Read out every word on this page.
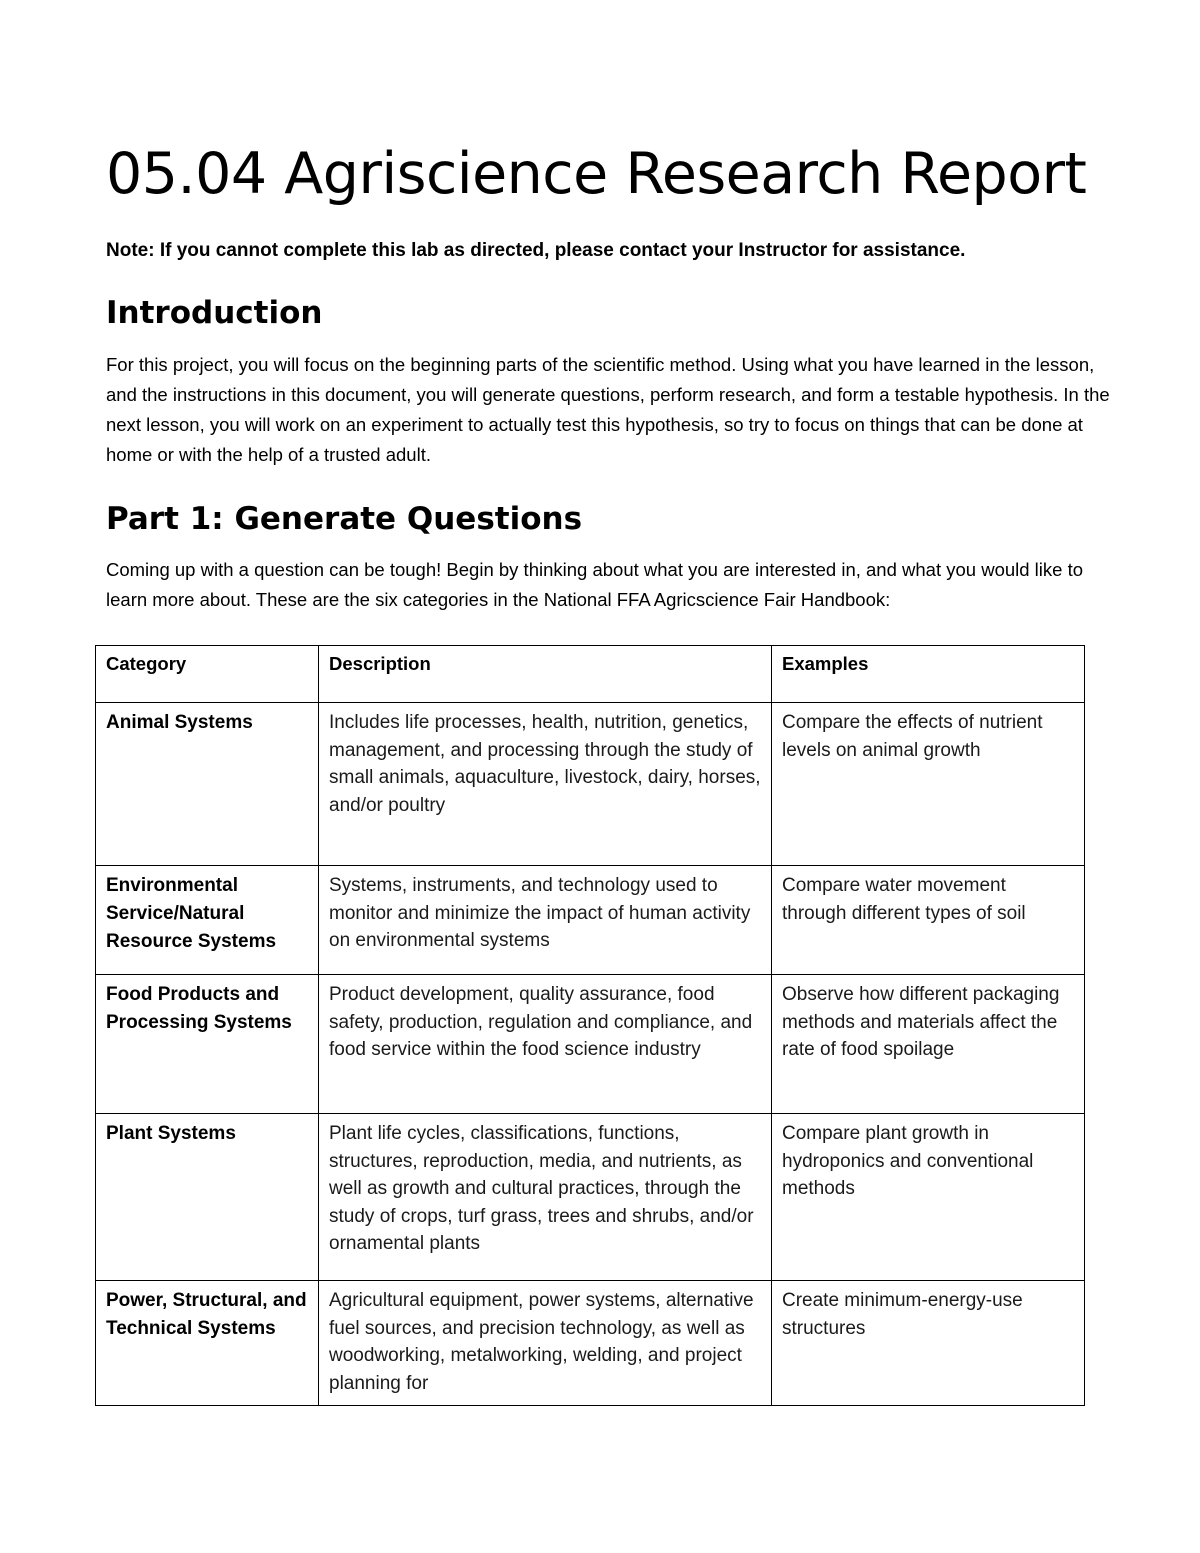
05.04 Agriscience Research Report

Note: If you cannot complete this lab as directed, please contact your Instructor for assistance.

Introduction

For this project, you will focus on the beginning parts of the scientific method. Using what you have learned in the lesson, and the instructions in this document, you will generate questions, perform research, and form a testable hypothesis. In the next lesson, you will work on an experiment to actually test this hypothesis, so try to focus on things that can be done at home or with the help of a trusted adult.

Part 1: Generate Questions

Coming up with a question can be tough! Begin by thinking about what you are interested in, and what you would like to learn more about. These are the six categories in the National FFA Agricscience Fair Handbook:

Category	Description	Examples

Animal Systems	Includes life processes, health, nutrition, genetics, management, and processing through the study of small animals, aquaculture, livestock, dairy, horses, and/or poultry	Compare the effects of nutrient levels on animal growth

Environmental Service/Natural Resource Systems	Systems, instruments, and technology used to monitor and minimize the impact of human activity on environmental systems	Compare water movement through different types of soil

Food Products and Processing Systems	Product development, quality assurance, food safety, production, regulation and compliance, and food service within the food science industry	Observe how different packaging methods and materials affect the rate of food spoilage

Plant Systems	Plant life cycles, classifications, functions, structures, reproduction, media, and nutrients, as well as growth and cultural practices, through the study of crops, turf grass, trees and shrubs, and/or ornamental plants	Compare plant growth in hydroponics and conventional methods

Power, Structural, and Technical Systems	Agricultural equipment, power systems, alternative fuel sources, and precision technology, as well as woodworking, metalworking, welding, and project planning for	Create minimum-energy-use structures
